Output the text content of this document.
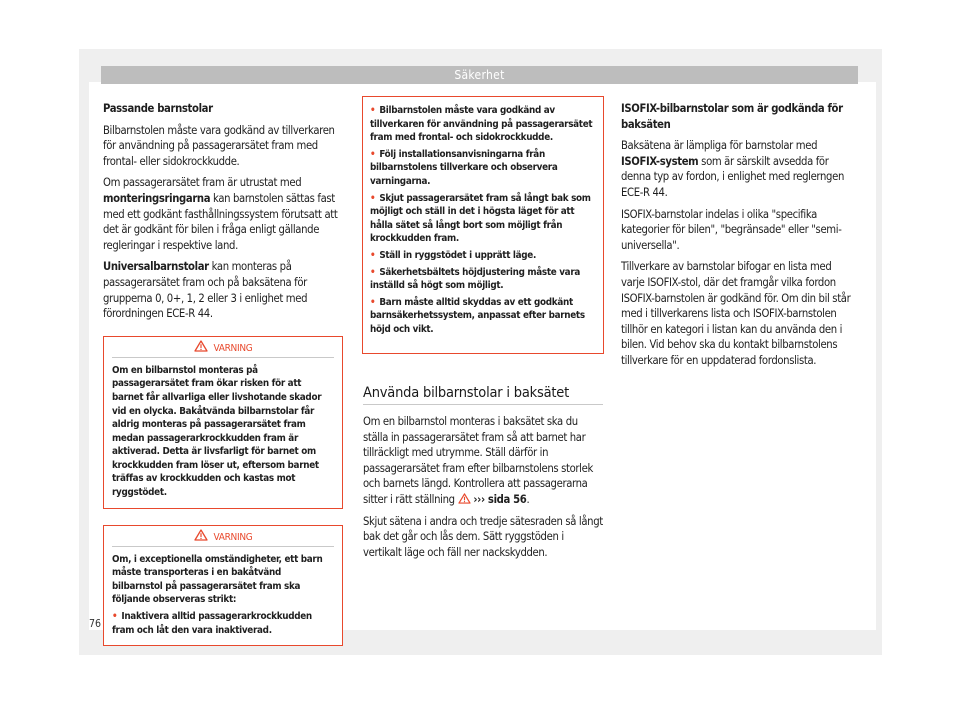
Säkerhet

Passande barnstolar

Bilbarnstolen måste vara godkänd av tillverkaren för användning på passagerarsätet fram med frontal- eller sidokrockkudde.

Om passagerarsätet fram är utrustat med monteringsringarna kan barnstolen sättas fast med ett godkänt fasthållningssystem förutsatt att det är godkänt för bilen i fråga enligt gällande regleringar i respektive land.

Universalbarnstolar kan monteras på passagerarsätet fram och på baksätena för grupperna 0, 0+, 1, 2 eller 3 i enlighet med förordningen ECE-R 44.

VARNING
Om en bilbarnstol monteras på passagerarsätet fram ökar risken för att barnet får allvarliga eller livshotande skador vid en olycka. Bakåtvända bilbarnstolar får aldrig monteras på passagerarsätet fram medan passagerarkrockkudden fram är aktiverad. Detta är livsfarligt för barnet om krockkudden fram löser ut, eftersom barnet träffas av krockkudden och kastas mot ryggstödet.
VARNING
Om, i exceptionella omständigheter, ett barn måste transporteras i en bakåtvänd bilbarnstol på passagerarsätet fram ska följande observeras strikt:
• Inaktivera alltid passagerarkrockkudden fram och låt den vara inaktiverad.
• Bilbarnstolen måste vara godkänd av tillverkaren för användning på passagerarsätet fram med frontal- och sidokrockkudde.
• Följ installationsanvisningarna från bilbarnstolens tillverkare och observera varningarna.
• Skjut passagerarsätet fram så långt bak som möjligt och ställ in det i högsta läget för att hålla sätet så långt bort som möjligt från krockkudden fram.
• Ställ in ryggstödet i upprätt läge.
• Säkerhetsbältets höjdjustering måste vara inställd så högt som möjligt.
• Barn måste alltid skyddas av ett godkänt barnsäkerhetssystem, anpassat efter barnets höjd och vikt.
Använda bilbarnstolar i baksätet

Om en bilbarnstol monteras i baksätet ska du ställa in passagerarsätet fram så att barnet har tillräckligt med utrymme. Ställ därför in passagerarsätet fram efter bilbarnstolens storlek och barnets längd. Kontrollera att passagerarna sitter i rätt ställning  ››› sida 56.

Skjut sätena i andra och tredje sätesraden så långt bak det går och lås dem. Sätt ryggstöden i vertikalt läge och fäll ner nackskydden.

ISOFIX-bilbarnstolar som är godkända för baksäten

Baksätena är lämpliga för barnstolar med ISOFIX-system som är särskilt avsedda för denna typ av fordon, i enlighet med reglerngen ECE-R 44.

ISOFIX-barnstolar indelas i olika "specifika kategorier för bilen", "begränsade" eller "semi-universella".

Tillverkare av barnstolar bifogar en lista med varje ISOFIX-stol, där det framgår vilka fordon ISOFIX-barnstolen är godkänd för. Om din bil står med i tillverkarens lista och ISOFIX-barnstolen tillhör en kategori i listan kan du använda den i bilen. Vid behov ska du kontakt bilbarnstolens tillverkare för en uppdaterad fordonslista.

76
